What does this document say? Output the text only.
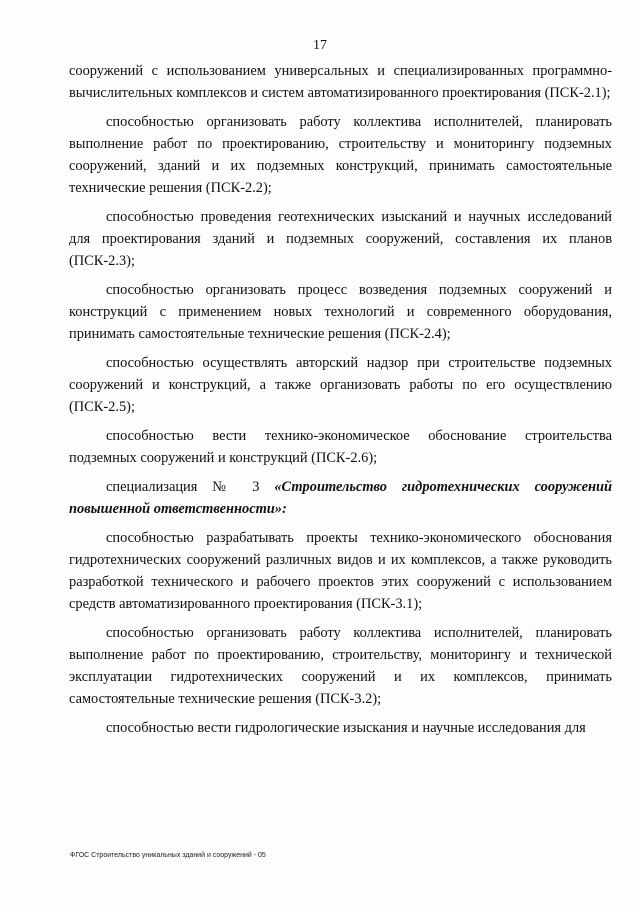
17

сооружений с использованием универсальных и специализированных программно-вычислительных комплексов и систем автоматизированного проектирования (ПСК-2.1);

способностью организовать работу коллектива исполнителей, планировать выполнение работ по проектированию, строительству и мониторингу подземных сооружений, зданий и их подземных конструкций, принимать самостоятельные технические решения (ПСК-2.2);

способностью проведения геотехнических изысканий и научных исследований для проектирования зданий и подземных сооружений, составления их планов (ПСК-2.3);

способностью организовать процесс возведения подземных сооружений и конструкций с применением новых технологий и современного оборудования, принимать самостоятельные технические решения (ПСК-2.4);

способностью осуществлять авторский надзор при строительстве подземных сооружений и конструкций, а также организовать работы по его осуществлению (ПСК-2.5);

способностью вести технико-экономическое обоснование строительства подземных сооружений и конструкций (ПСК-2.6);

специализация № 3 «Строительство гидротехнических сооружений повышенной ответственности»:

способностью разрабатывать проекты технико-экономического обоснования гидротехнических сооружений различных видов и их комплексов, а также руководить разработкой технического и рабочего проектов этих сооружений с использованием средств автоматизированного проектирования (ПСК-3.1);

способностью организовать работу коллектива исполнителей, планировать выполнение работ по проектированию, строительству, мониторингу и технической эксплуатации гидротехнических сооружений и их комплексов, принимать самостоятельные технические решения (ПСК-3.2);

способностью вести гидрологические изыскания и научные исследования для

ФГОС Строительство уникальных зданий и сооружений - 05
